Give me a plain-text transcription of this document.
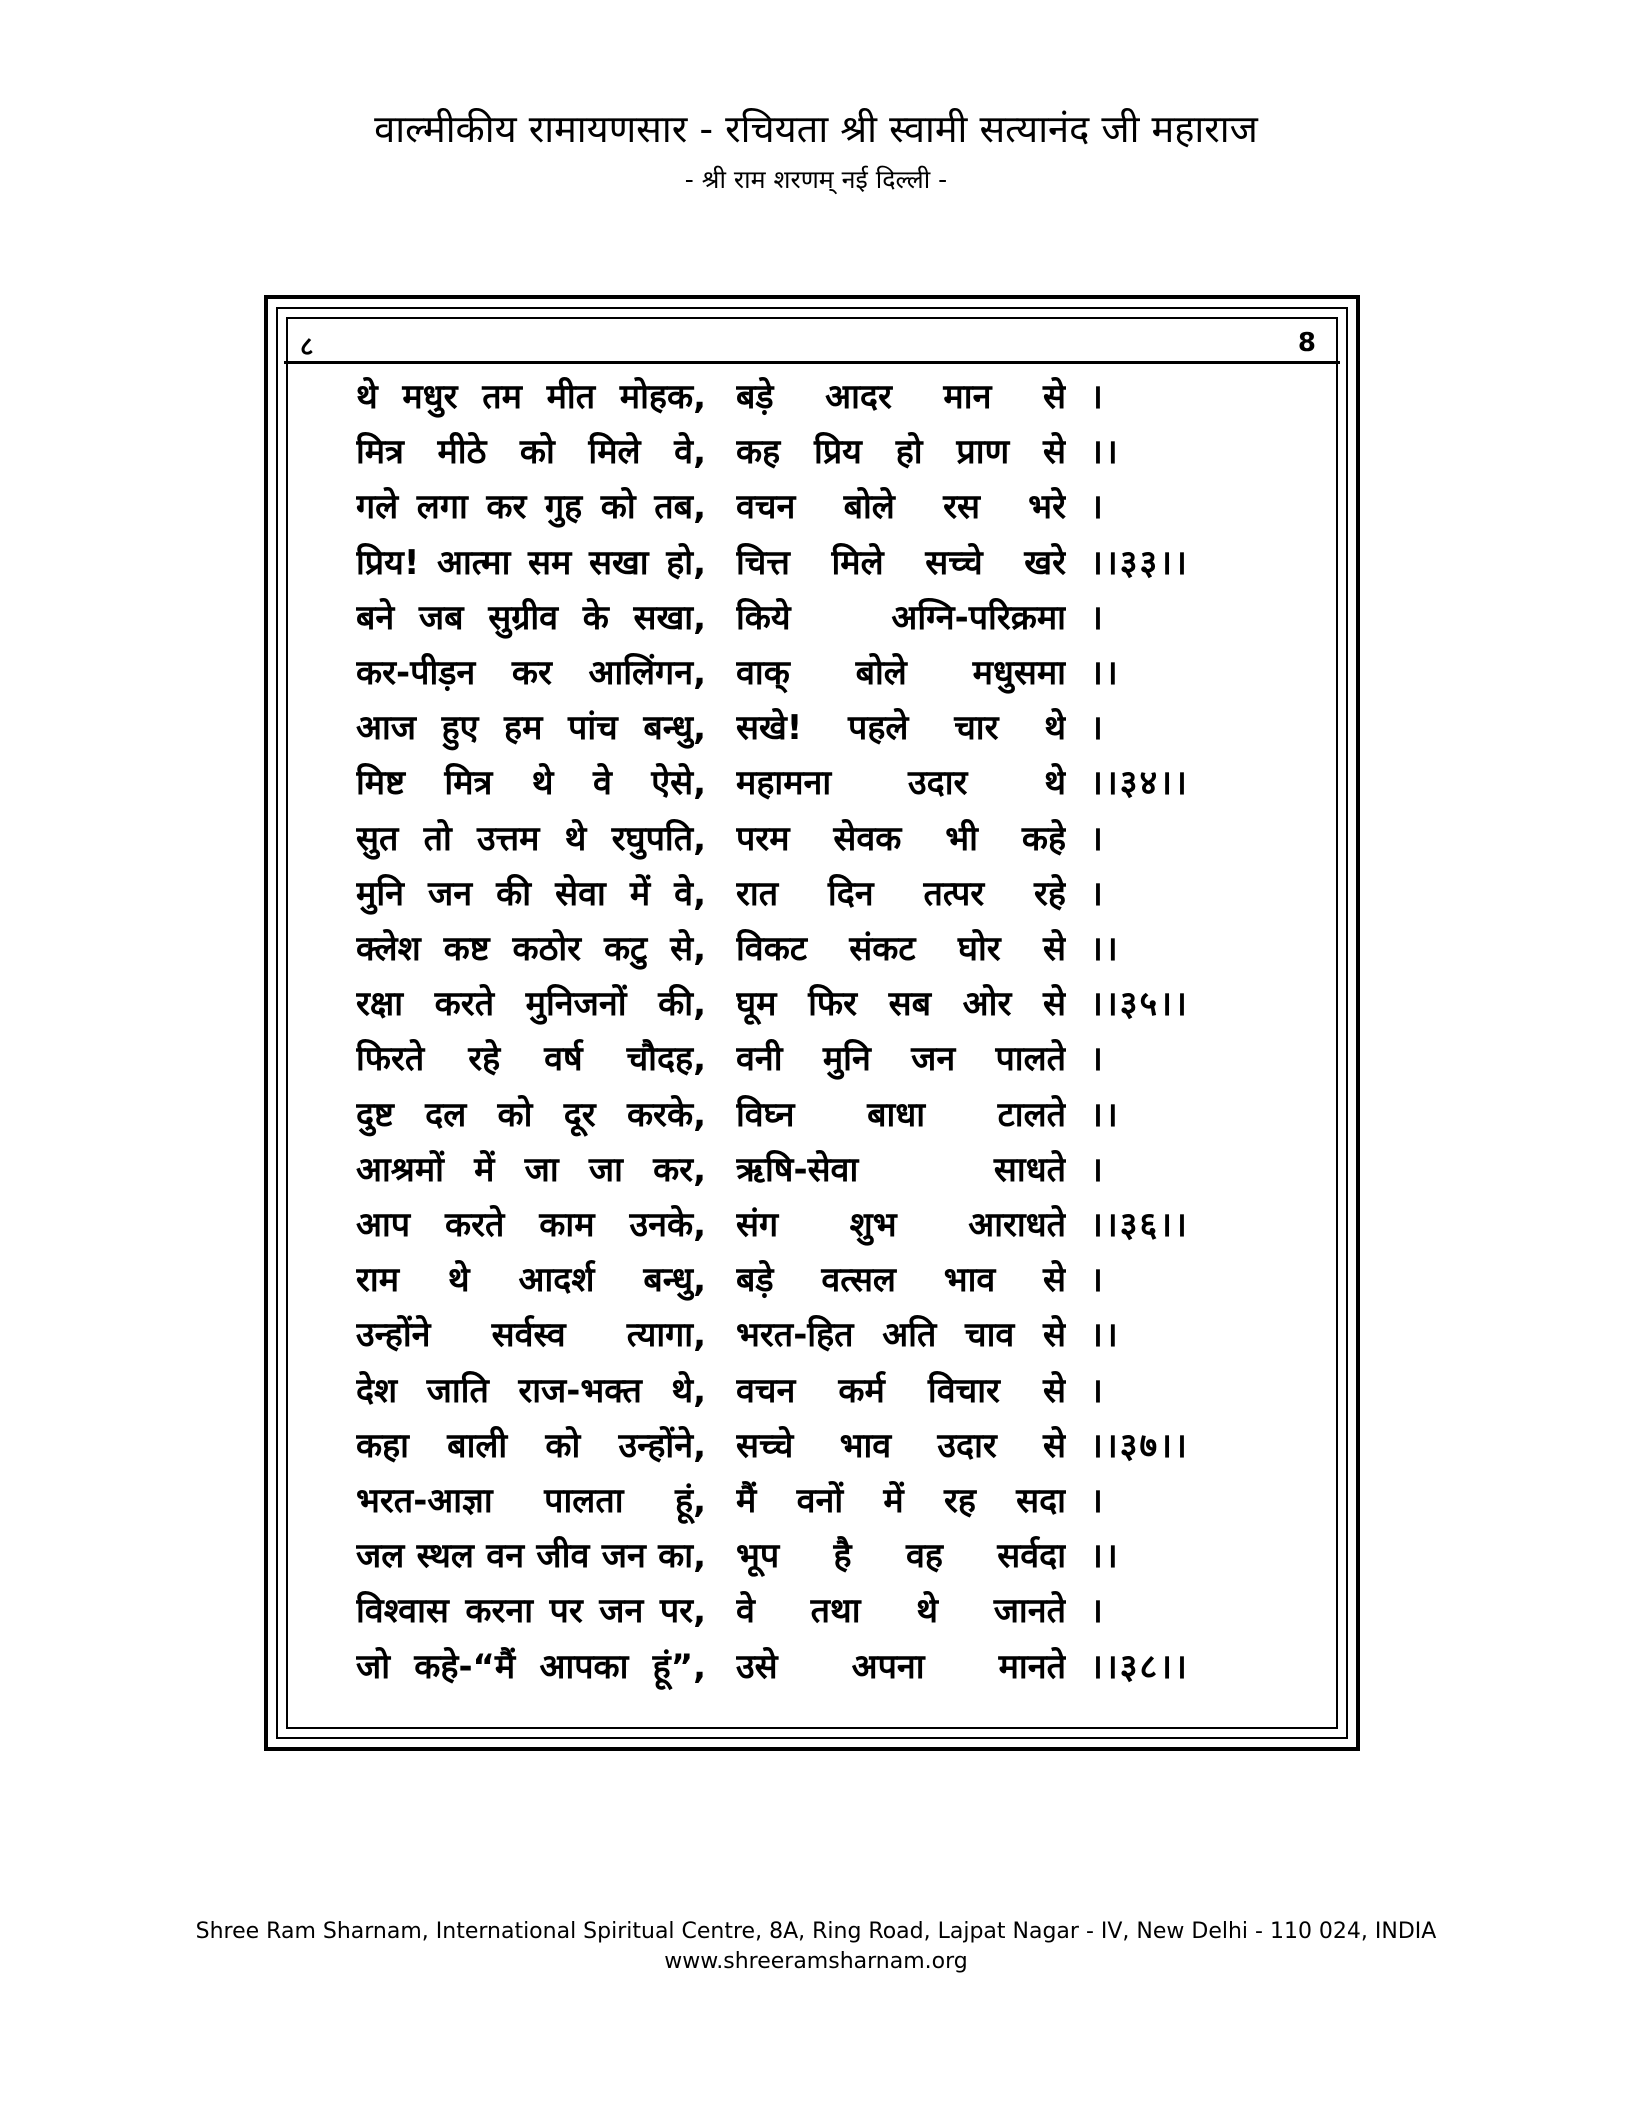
वाल्मीकीय रामायणसार - रचियता श्री स्वामी सत्यानंद जी महाराज
- श्री राम शरणम् नई दिल्ली -
८	8
थे मधुर तम मीत मोहक, बड़े आदर मान से ।
मित्र मीठे को मिले वे, कह प्रिय हो प्राण से ।।
गले लगा कर गुह को तब, वचन बोले रस भरे ।
प्रिय! आत्मा सम सखा हो, चित्त मिले सच्चे खरे ।।३३।।
बने जब सुग्रीव के सखा, किये अग्नि-परिक्रमा ।
कर-पीड़न कर आलिंगन, वाक् बोले मधुसमा ।।
आज हुए हम पांच बन्धु, सखे! पहले चार थे ।
मिष्ट मित्र थे वे ऐसे, महामना उदार थे ।।३४।।
सुत तो उत्तम थे रघुपति, परम सेवक भी कहे ।
मुनि जन की सेवा में वे, रात दिन तत्पर रहे ।
क्लेश कष्ट कठोर कटु से, विकट संकट घोर से ।।
रक्षा करते मुनिजनों की, घूम फिर सब ओर से ।।३५।।
फिरते रहे वर्ष चौदह, वनी मुनि जन पालते ।
दुष्ट दल को दूर करके, विघ्न बाधा टालते ।।
आश्रमों में जा जा कर, ऋषि-सेवा साधते ।
आप करते काम उनके, संग शुभ आराधते ।।३६।।
राम थे आदर्श बन्धु, बड़े वत्सल भाव से ।
उन्होंने सर्वस्व त्यागा, भरत-हित अति चाव से ।।
देश जाति राज-भक्त थे, वचन कर्म विचार से ।
कहा बाली को उन्होंने, सच्चे भाव उदार से ।।३७।।
भरत-आज्ञा पालता हूं, मैं वनों में रह सदा ।
जल स्थल वन जीव जन का, भूप है वह सर्वदा ।।
विश्वास करना पर जन पर, वे तथा थे जानते ।
जो कहे-“मैं आपका हूं”, उसे अपना मानते ।।३८।।
Shree Ram Sharnam, International Spiritual Centre, 8A, Ring Road, Lajpat Nagar - IV, New Delhi - 110 024, INDIA
www.shreeramsharnam.org
